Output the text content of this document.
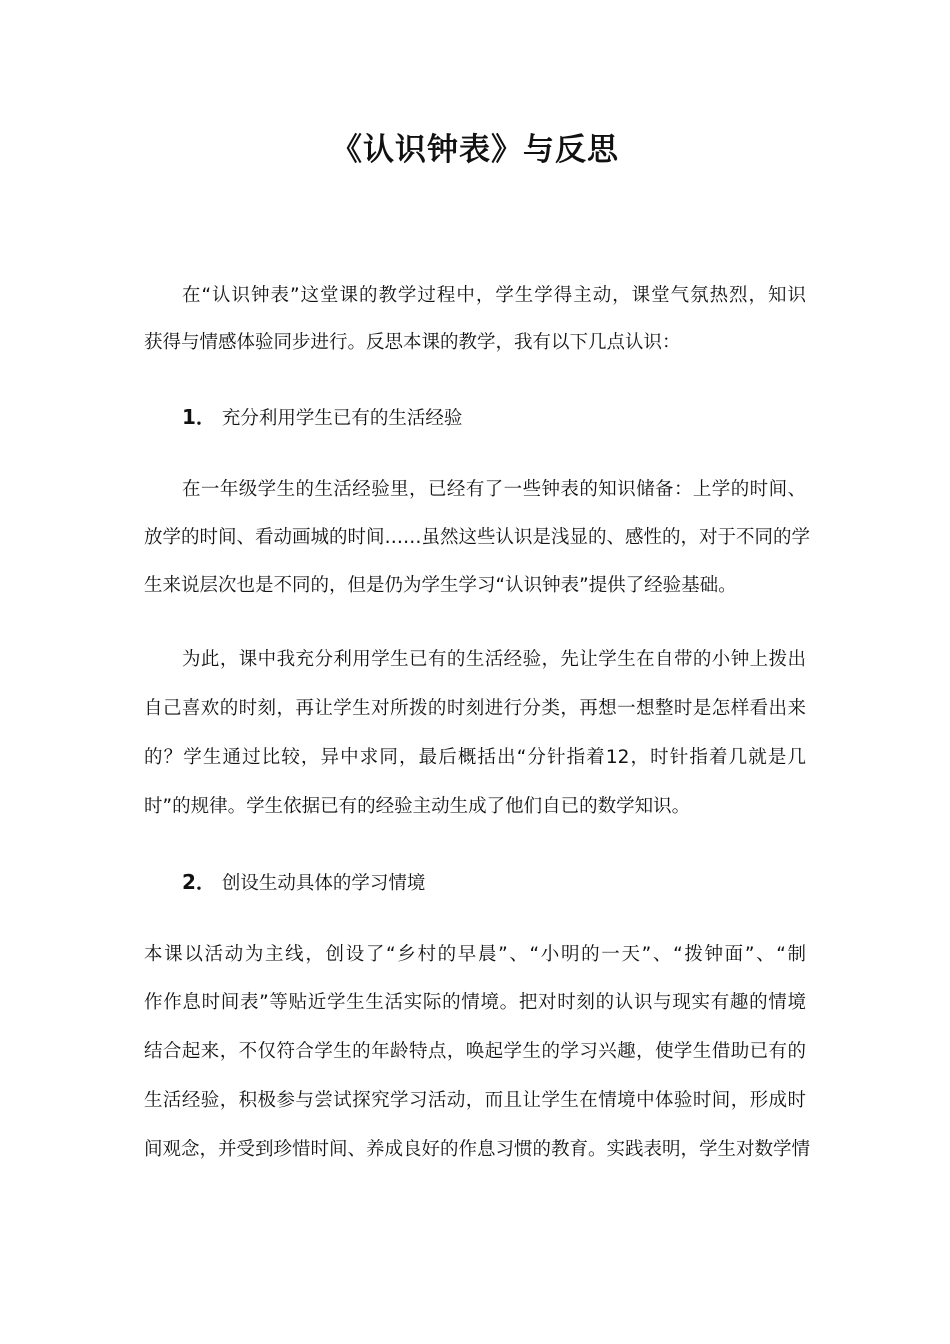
《认识钟表》与反思
在“认识钟表”这堂课的教学过程中，学生学得主动，课堂气氛热烈，知识
获得与情感体验同步进行。反思本课的教学，我有以下几点认识：
1． 充分利用学生已有的生活经验
在一年级学生的生活经验里，已经有了一些钟表的知识储备：上学的时间、
放学的时间、看动画城的时间……虽然这些认识是浅显的、感性的，对于不同的学
生来说层次也是不同的，但是仍为学生学习“认识钟表”提供了经验基础。
为此，课中我充分利用学生已有的生活经验，先让学生在自带的小钟上拨出
自己喜欢的时刻，再让学生对所拨的时刻进行分类，再想一想整时是怎样看出来
的？学生通过比较，异中求同，最后概括出“分针指着12，时针指着几就是几
时”的规律。学生依据已有的经验主动生成了他们自已的数学知识。
2． 创设生动具体的学习情境
本课以活动为主线，创设了“乡村的早晨”、“小明的一天”、“拨钟面”、“制
作作息时间表”等贴近学生生活实际的情境。把对时刻的认识与现实有趣的情境
结合起来，不仅符合学生的年龄特点，唤起学生的学习兴趣，使学生借助已有的
生活经验，积极参与尝试探究学习活动，而且让学生在情境中体验时间，形成时
间观念，并受到珍惜时间、养成良好的作息习惯的教育。实践表明，学生对数学情
